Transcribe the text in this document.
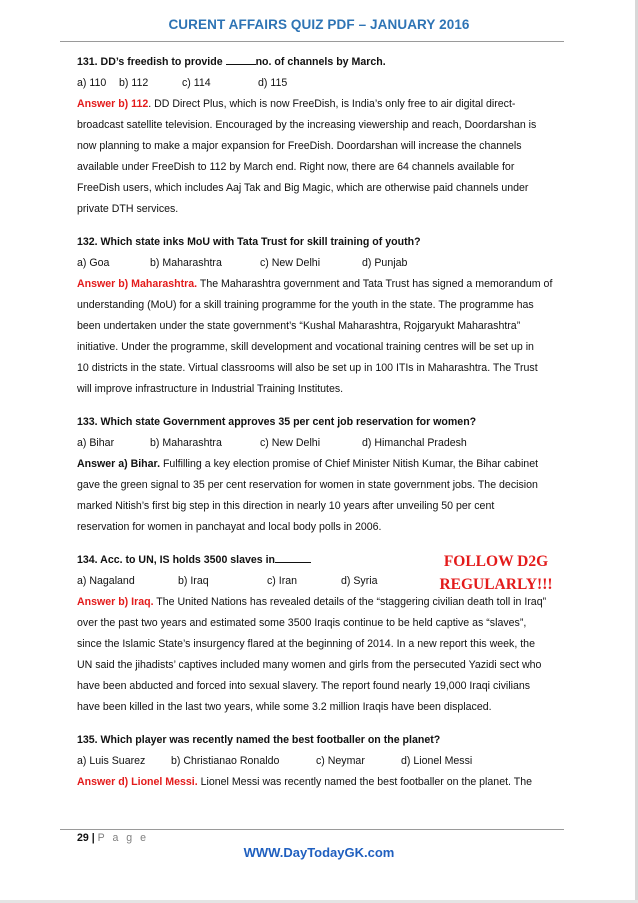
CURENT AFFAIRS QUIZ PDF – JANUARY 2016
131. DD’s freedish to provide	no. of channels by March.
a) 110 b) 112	c) 114	d) 115
Answer b) 112. DD Direct Plus, which is now FreeDish, is India’s only free to air digital direct-
broadcast satellite television. Encouraged by the increasing viewership and reach, Doordarshan is
now planning to make a major expansion for FreeDish. Doordarshan will increase the channels
available under FreeDish to 112 by March end. Right now, there are 64 channels available for
FreeDish users, which includes Aaj Tak and Big Magic, which are otherwise paid channels under
private DTH services.
132. Which state inks MoU with Tata Trust for skill training of youth?
a) Goa	b) Maharashtra	c) New Delhi	d) Punjab
Answer b) Maharashtra. The Maharashtra government and Tata Trust has signed a memorandum of
understanding (MoU) for a skill training programme for the youth in the state. The programme has
been undertaken under the state government’s “Kushal Maharashtra, Rojgaryukt Maharashtra”
initiative. Under the programme, skill development and vocational training centres will be set up in
10 districts in the state. Virtual classrooms will also be set up in 100 ITIs in Maharashtra. The Trust
will improve infrastructure in Industrial Training Institutes.
133. Which state Government approves 35 per cent job reservation for women?
a) Bihar	b) Maharashtra	c) New Delhi	d) Himanchal Pradesh
Answer a) Bihar. Fulfilling a key election promise of Chief Minister Nitish Kumar, the Bihar cabinet
gave the green signal to 35 per cent reservation for women in state government jobs. The decision
marked Nitish’s first big step in this direction in nearly 10 years after unveiling 50 per cent
reservation for women in panchayat and local body polls in 2006.
134. Acc. to UN, IS holds 3500 slaves in
a) Nagaland	b) Iraq	c) Iran	d) Syria
Answer b) Iraq. The United Nations has revealed details of the “staggering civilian death toll in Iraq”
over the past two years and estimated some 3500 Iraqis continue to be held captive as “slaves”,
since the Islamic State’s insurgency flared at the beginning of 2014. In a new report this week, the
UN said the jihadists’ captives included many women and girls from the persecuted Yazidi sect who
have been abducted and forced into sexual slavery. The report found nearly 19,000 Iraqi civilians
have been killed in the last two years, while some 3.2 million Iraqis have been displaced.
135. Which player was recently named the best footballer on the planet?
a) Luis Suarez b) Christianao Ronaldo	c) Neymar	d) Lionel Messi
Answer d) Lionel Messi. Lionel Messi was recently named the best footballer on the planet. The
FOLLOW D2G
REGULARLY!!!
29 | P a g e
WWW.DayTodayGK.com
